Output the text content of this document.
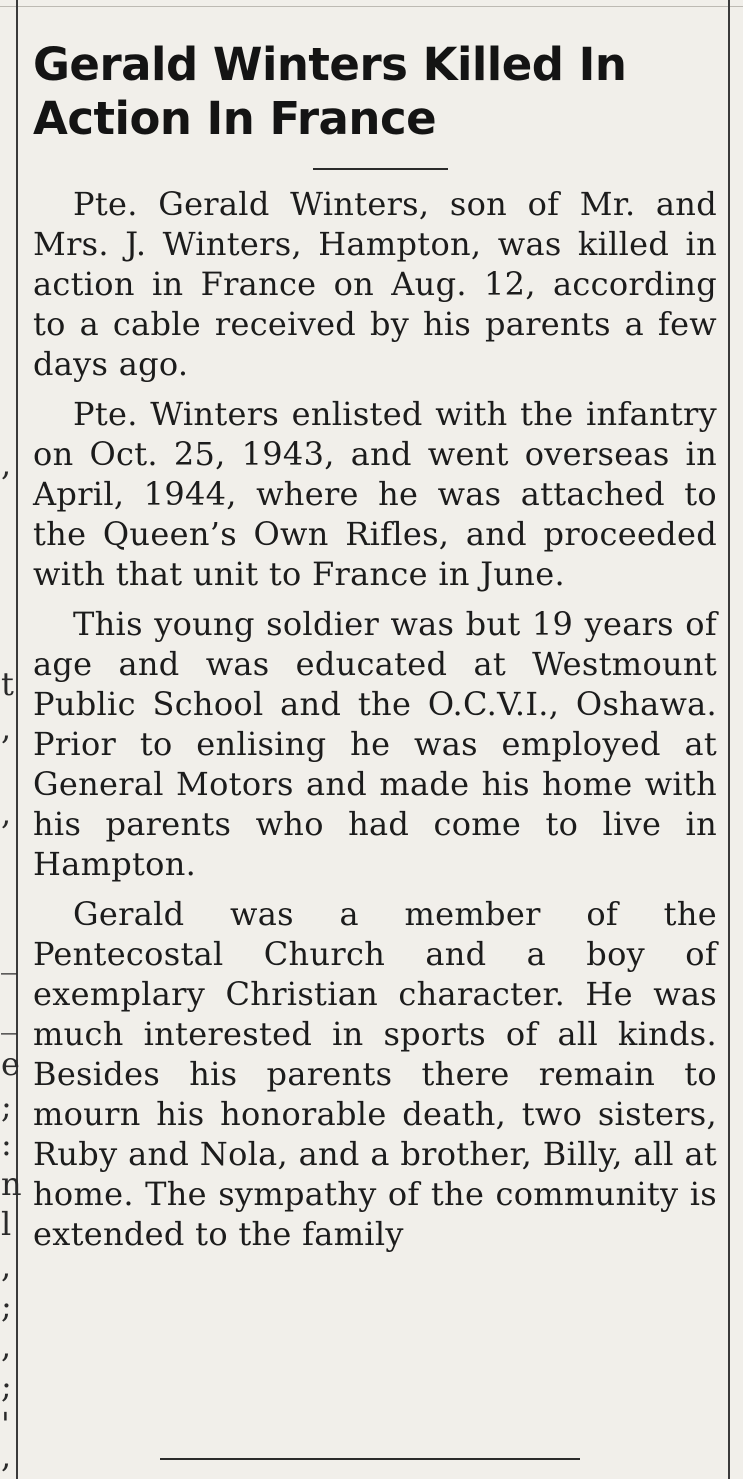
,
t
,
,
_
_
e
;
:
n
l
,
;
,
;
'
,
Gerald Winters Killed In Action In France

Pte. Gerald Winters, son of Mr. and Mrs. J. Winters, Hampton, was killed in action in France on Aug. 12, according to a cable received by his parents a few days ago.

Pte. Winters enlisted with the infantry on Oct. 25, 1943, and went overseas in April, 1944, where he was attached to the Queen’s Own Rifles, and proceeded with that unit to France in June.

This young soldier was but 19 years of age and was educated at Westmount Public School and the O.C.V.I., Oshawa. Prior to enlising he was employed at General Motors and made his home with his parents who had come to live in Hampton.

Gerald was a member of the Pentecostal Church and a boy of exemplary Christian character. He was much interested in sports of all kinds. Besides his parents there remain to mourn his honorable death, two sisters, Ruby and Nola, and a brother, Billy, all at home. The sympathy of the community is extended to the family
